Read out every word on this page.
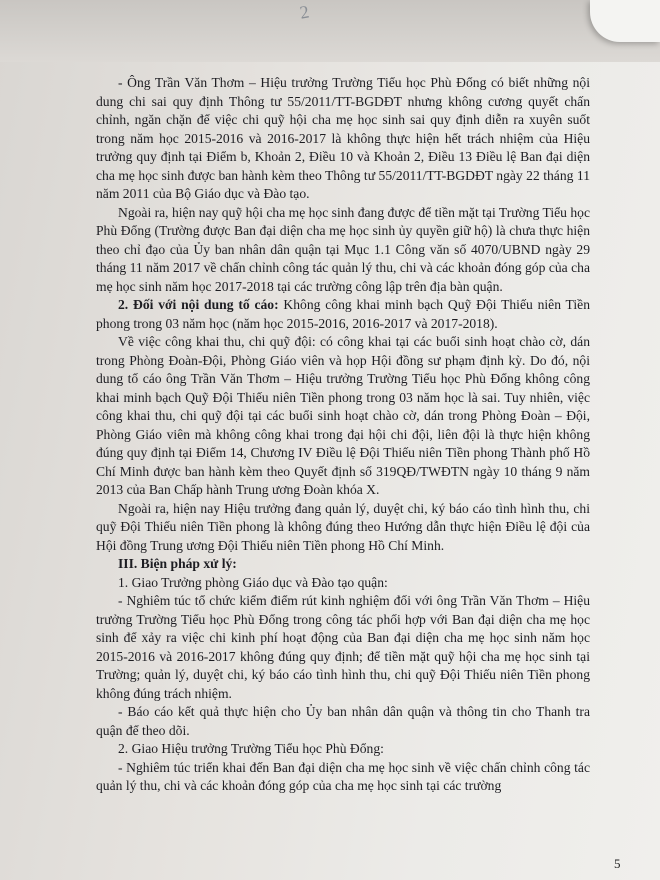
2

- Ông Trần Văn Thơm – Hiệu trưởng Trường Tiểu học Phù Đổng có biết những nội dung chi sai quy định Thông tư 55/2011/TT-BGDĐT nhưng không cương quyết chấn chỉnh, ngăn chặn để việc chi quỹ hội cha mẹ học sinh sai quy định diễn ra xuyên suốt trong năm học 2015-2016 và 2016-2017 là không thực hiện hết trách nhiệm của Hiệu trưởng quy định tại Điểm b, Khoản 2, Điều 10 và Khoản 2, Điều 13 Điều lệ Ban đại diện cha mẹ học sinh được ban hành kèm theo Thông tư 55/2011/TT-BGDĐT ngày 22 tháng 11 năm 2011 của Bộ Giáo dục và Đào tạo.

Ngoài ra, hiện nay quỹ hội cha mẹ học sinh đang được để tiền mặt tại Trường Tiểu học Phù Đổng (Trường được Ban đại diện cha mẹ học sinh ủy quyền giữ hộ) là chưa thực hiện theo chỉ đạo của Ủy ban nhân dân quận tại Mục 1.1 Công văn số 4070/UBND ngày 29 tháng 11 năm 2017 về chấn chỉnh công tác quản lý thu, chi và các khoản đóng góp của cha mẹ học sinh năm học 2017-2018 tại các trường công lập trên địa bàn quận.

2. Đối với nội dung tố cáo: Không công khai minh bạch Quỹ Đội Thiếu niên Tiền phong trong 03 năm học (năm học 2015-2016, 2016-2017 và 2017-2018).

Về việc công khai thu, chi quỹ đội: có công khai tại các buổi sinh hoạt chào cờ, dán trong Phòng Đoàn-Đội, Phòng Giáo viên và họp Hội đồng sư phạm định kỳ. Do đó, nội dung tố cáo ông Trần Văn Thơm – Hiệu trưởng Trường Tiểu học Phù Đổng không công khai minh bạch Quỹ Đội Thiếu niên Tiền phong trong 03 năm học là sai. Tuy nhiên, việc công khai thu, chi quỹ đội tại các buổi sinh hoạt chào cờ, dán trong Phòng Đoàn – Đội, Phòng Giáo viên mà không công khai trong đại hội chi đội, liên đội là thực hiện không đúng quy định tại Điểm 14, Chương IV Điều lệ Đội Thiếu niên Tiền phong Thành phố Hồ Chí Minh được ban hành kèm theo Quyết định số 319QĐ/TWĐTN ngày 10 tháng 9 năm 2013 của Ban Chấp hành Trung ương Đoàn khóa X.

Ngoài ra, hiện nay Hiệu trưởng đang quản lý, duyệt chi, ký báo cáo tình hình thu, chi quỹ Đội Thiếu niên Tiền phong là không đúng theo Hướng dẫn thực hiện Điều lệ đội của Hội đồng Trung ương Đội Thiếu niên Tiền phong Hồ Chí Minh.

III. Biện pháp xử lý:

1. Giao Trưởng phòng Giáo dục và Đào tạo quận:

- Nghiêm túc tổ chức kiểm điểm rút kinh nghiệm đối với ông Trần Văn Thơm – Hiệu trưởng Trường Tiểu học Phù Đổng trong công tác phối hợp với Ban đại diện cha mẹ học sinh để xảy ra việc chi kinh phí hoạt động của Ban đại diện cha mẹ học sinh năm học 2015-2016 và 2016-2017 không đúng quy định; để tiền mặt quỹ hội cha mẹ học sinh tại Trường; quản lý, duyệt chi, ký báo cáo tình hình thu, chi quỹ Đội Thiếu niên Tiền phong không đúng trách nhiệm.

- Báo cáo kết quả thực hiện cho Ủy ban nhân dân quận và thông tin cho Thanh tra quận để theo dõi.

2. Giao Hiệu trưởng Trường Tiểu học Phù Đổng:

- Nghiêm túc triển khai đến Ban đại diện cha mẹ học sinh về việc chấn chỉnh công tác quản lý thu, chi và các khoản đóng góp của cha mẹ học sinh tại các trường

5
